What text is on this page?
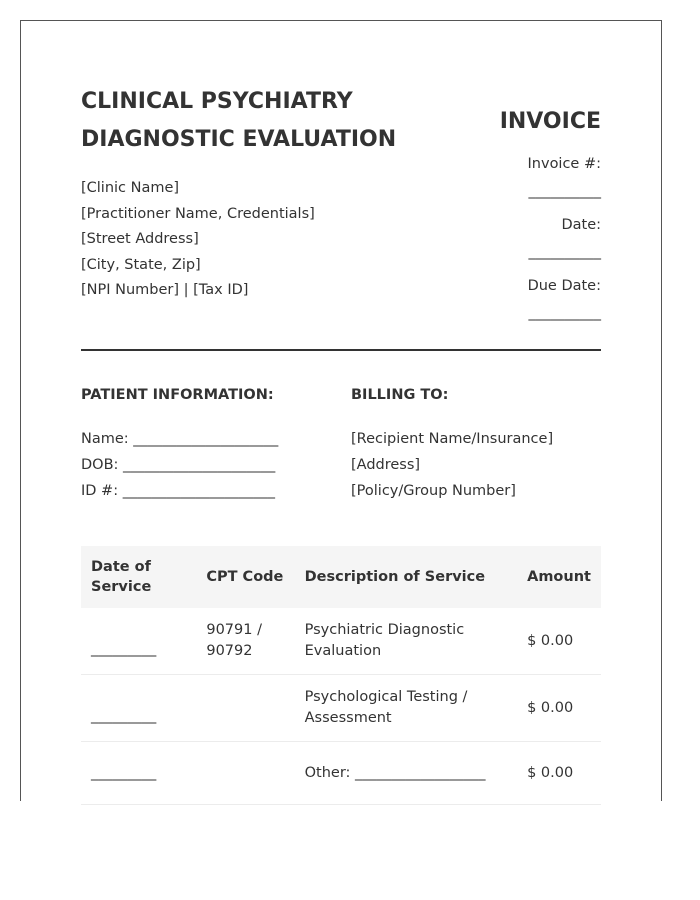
CLINICAL PSYCHIATRY DIAGNOSTIC EVALUATION
[Clinic Name]
[Practitioner Name, Credentials]
[Street Address]
[City, State, Zip]
[NPI Number] | [Tax ID]
INVOICE
Invoice #:
__________
Date:
__________
Due Date:
__________
PATIENT INFORMATION:
Name: ____________________
DOB: _____________________
ID #: _____________________
BILLING TO:
[Recipient Name/Insurance]
[Address]
[Policy/Group Number]
Date of Service	CPT Code	Description of Service	Amount
_________	90791 / 90792	Psychiatric Diagnostic Evaluation	$ 0.00
_________		Psychological Testing / Assessment	$ 0.00
_________		Other: __________________	$ 0.00
